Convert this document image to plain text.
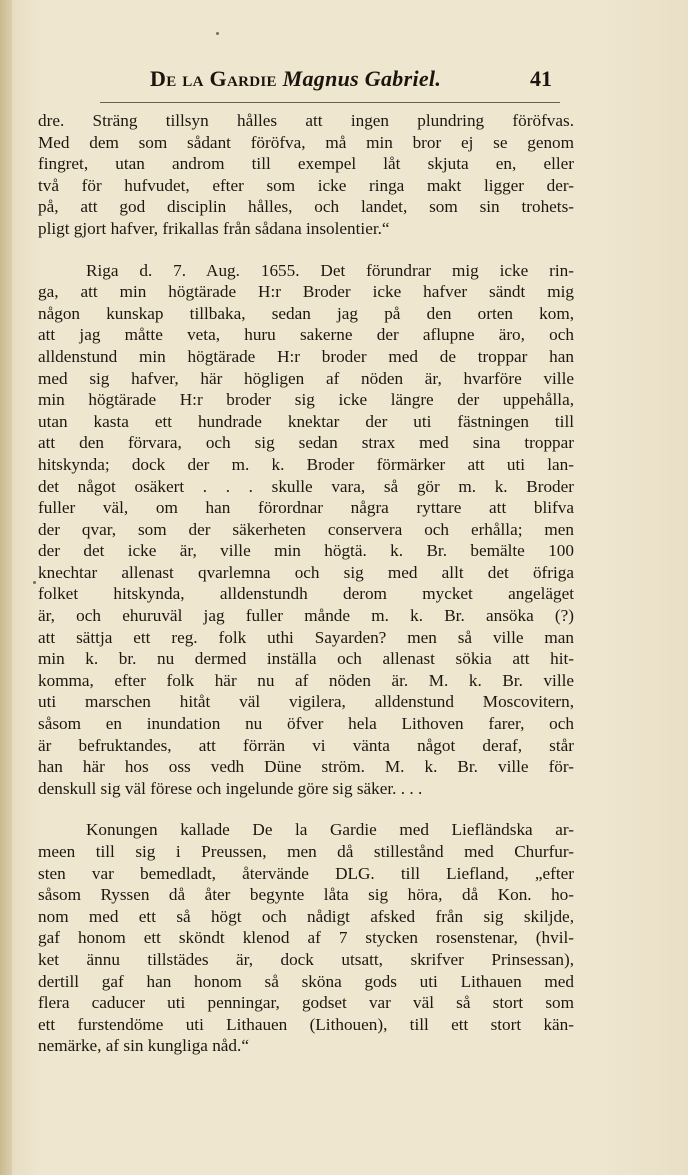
De la Gardie Magnus Gabriel.	41
dre. Sträng tillsyn hålles att ingen plundring föröfvas.
Med dem som sådant föröfva, må min bror ej se genom
fingret, utan androm till exempel låt skjuta en, eller
två för hufvudet, efter som icke ringa makt ligger der-
på, att god disciplin hålles, och landet, som sin trohets-
pligt gjort hafver, frikallas från sådana insolentier.“
Riga d. 7. Aug. 1655. Det förundrar mig icke rin-
ga, att min högtärade H:r Broder icke hafver sändt mig
någon kunskap tillbaka, sedan jag på den orten kom,
att jag måtte veta, huru sakerne der aflupne äro, och
alldenstund min högtärade H:r broder med de troppar han
med sig hafver, här högligen af nöden är, hvarföre ville
min högtärade H:r broder sig icke längre der uppehålla,
utan kasta ett hundrade knektar der uti fästningen till
att den förvara, och sig sedan strax med sina troppar
hitskynda; dock der m. k. Broder förmärker att uti lan-
det något osäkert . . . skulle vara, så gör m. k. Broder
fuller väl, om han förordnar några ryttare att blifva
der qvar, som der säkerheten conservera och erhålla; men
der det icke är, ville min högtä. k. Br. bemälte 100
knechtar allenast qvarlemna och sig med allt det öfriga
folket hitskynda, alldenstundh derom mycket angeläget
är, och ehuruväl jag fuller månde m. k. Br. ansöka (?)
att sättja ett reg. folk uthi Sayarden? men så ville man
min k. br. nu dermed inställa och allenast sökia att hit-
komma, efter folk här nu af nöden är. M. k. Br. ville
uti marschen hitåt väl vigilera, alldenstund Moscovitern,
såsom en inundation nu öfver hela Lithoven farer, och
är befruktandes, att förrän vi vänta något deraf, står
han här hos oss vedh Düne ström. M. k. Br. ville för-
denskull sig väl förese och ingelunde göre sig säker. . . .
Konungen kallade De la Gardie med Liefländska ar-
meen till sig i Preussen, men då stillestånd med Churfur-
sten var bemedladt, återvände DLG. till Liefland, „efter
såsom Ryssen då åter begynte låta sig höra, då Kon. ho-
nom med ett så högt och nådigt afsked från sig skiljde,
gaf honom ett sköndt klenod af 7 stycken rosenstenar, (hvil-
ket ännu tillstädes är, dock utsatt, skrifver Prinsessan),
dertill gaf han honom så sköna gods uti Lithauen med
flera caducer uti penningar, godset var väl så stort som
ett furstendöme uti Lithauen (Lithouen), till ett stort kän-
nemärke, af sin kungliga nåd.“
